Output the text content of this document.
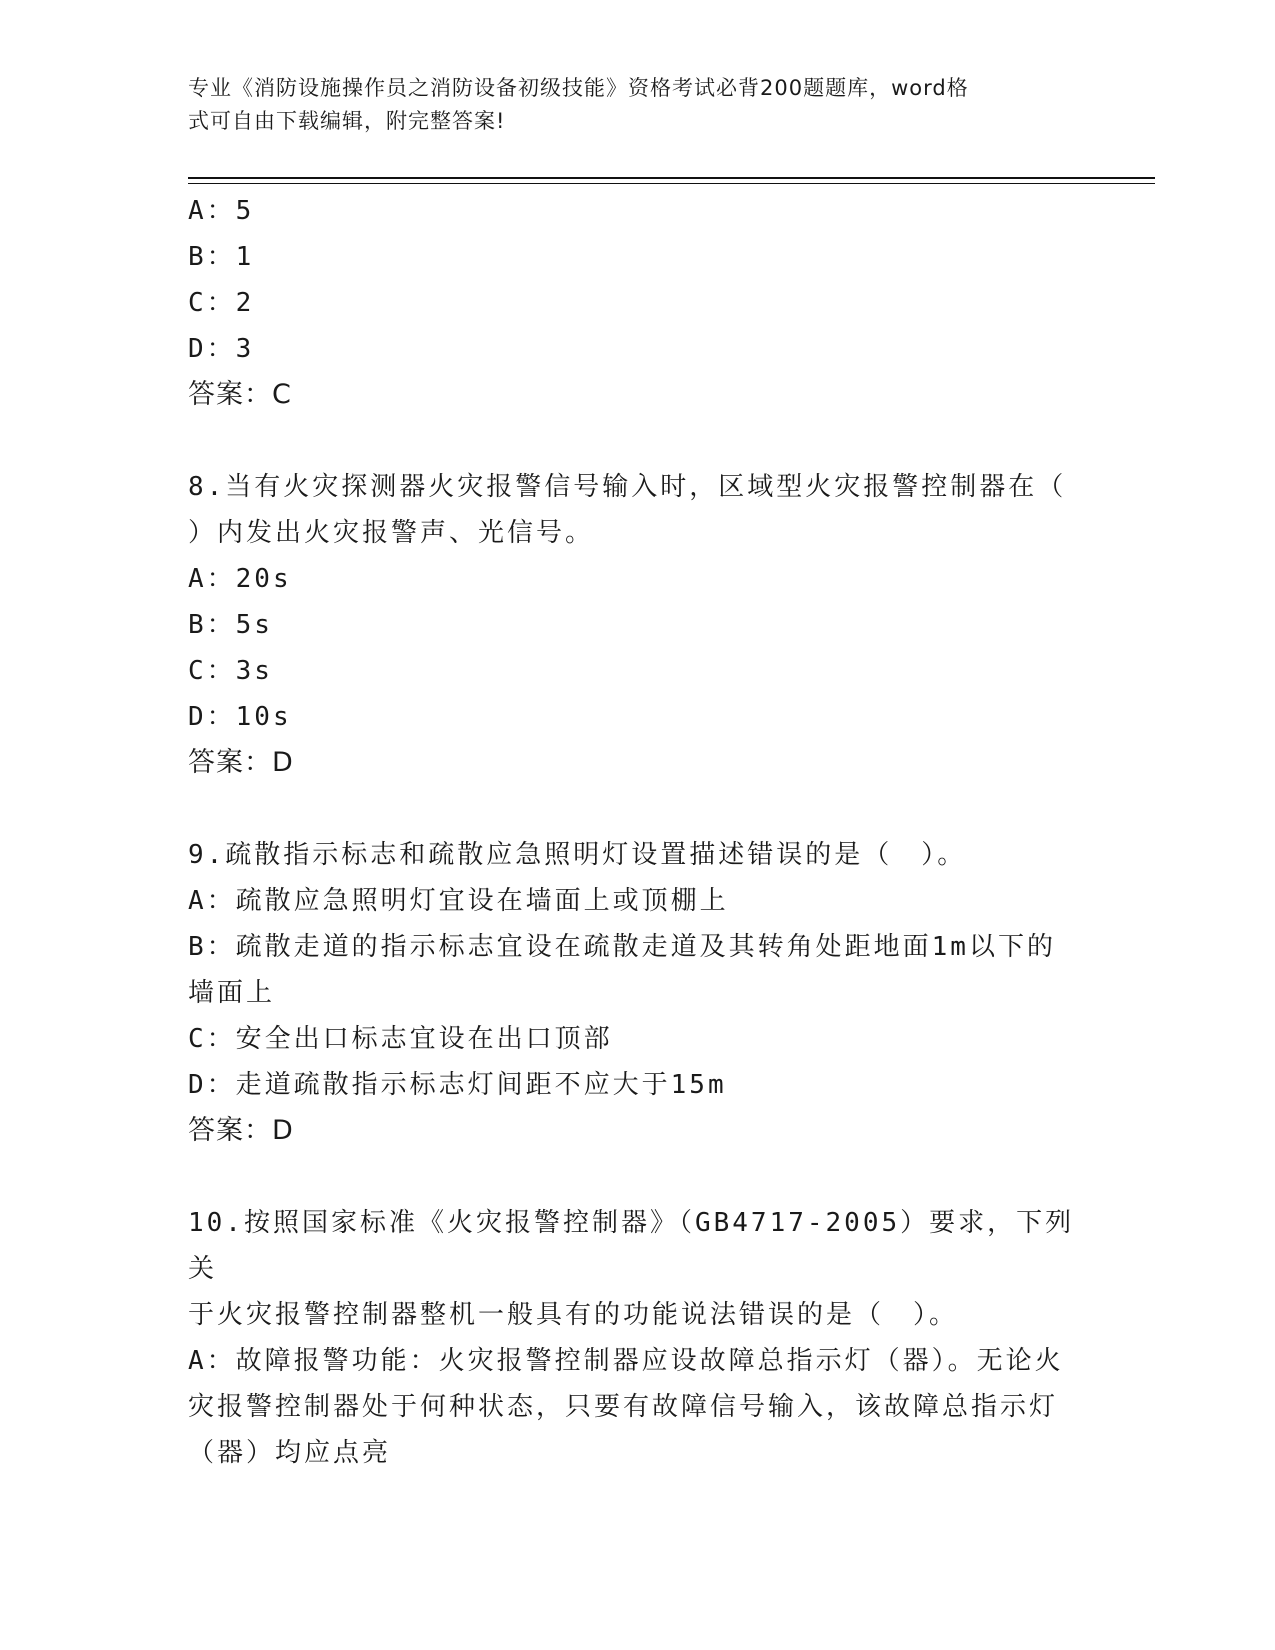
专业《消防设施操作员之消防设备初级技能》资格考试必背200题题库，word格
式可自由下载编辑，附完整答案!
A：5
B：1
C：2
D：3
答案：C
8.当有火灾探测器火灾报警信号输入时，区域型火灾报警控制器在（
）内发出火灾报警声、光信号。
A：20s
B：5s
C：3s
D：10s
答案：D
9.疏散指示标志和疏散应急照明灯设置描述错误的是（　）。
A：疏散应急照明灯宜设在墙面上或顶棚上
B：疏散走道的指示标志宜设在疏散走道及其转角处距地面1m以下的
墙面上
C：安全出口标志宜设在出口顶部
D：走道疏散指示标志灯间距不应大于15m
答案：D
10.按照国家标准《火灾报警控制器》（GB4717-2005）要求，下列关
于火灾报警控制器整机一般具有的功能说法错误的是（　）。
A：故障报警功能：火灾报警控制器应设故障总指示灯（器）。无论火
灾报警控制器处于何种状态，只要有故障信号输入，该故障总指示灯
（器）均应点亮
